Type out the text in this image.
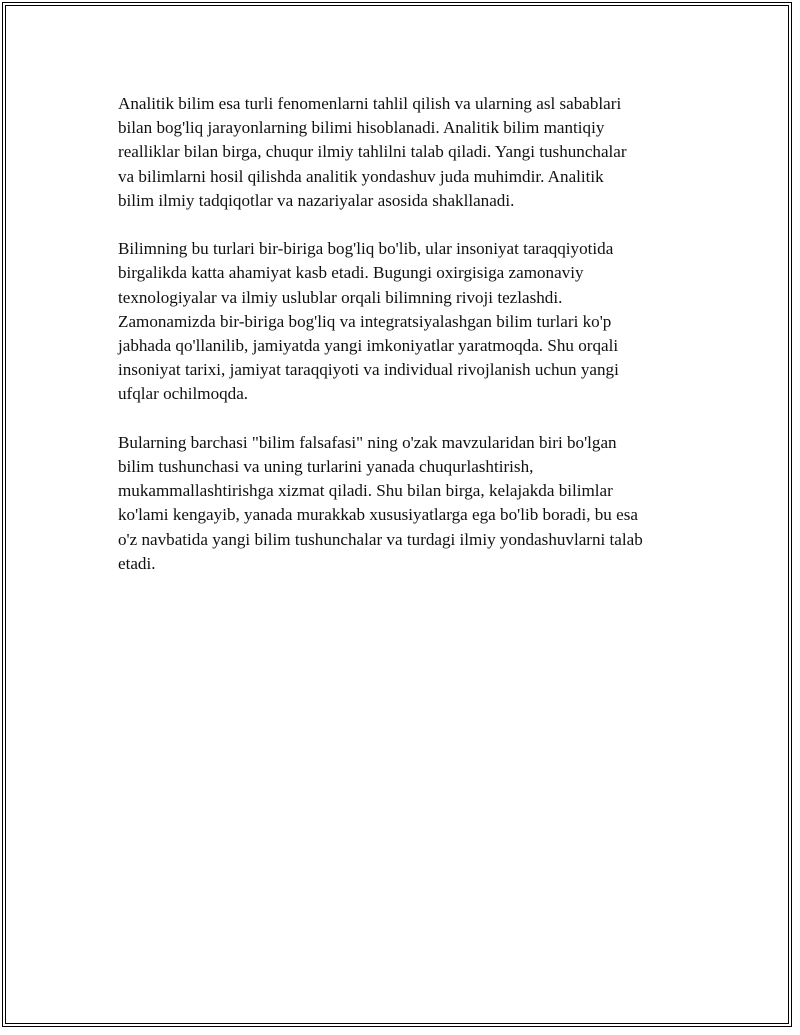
Analitik bilim esa turli fenomenlarni tahlil qilish va ularning asl sabablari
bilan bog'liq jarayonlarning bilimi hisoblanadi. Analitik bilim mantiqiy
realliklar bilan birga, chuqur ilmiy tahlilni talab qiladi. Yangi tushunchalar
va bilimlarni hosil qilishda analitik yondashuv juda muhimdir. Analitik
bilim ilmiy tadqiqotlar va nazariyalar asosida shakllanadi.

Bilimning bu turlari bir-biriga bog'liq bo'lib, ular insoniyat taraqqiyotida
birgalikda katta ahamiyat kasb etadi. Bugungi oxirgisiga zamonaviy
texnologiyalar va ilmiy uslublar orqali bilimning rivoji tezlashdi.
Zamonamizda bir-biriga bog'liq va integratsiyalashgan bilim turlari ko'p
jabhada qo'llanilib, jamiyatda yangi imkoniyatlar yaratmoqda. Shu orqali
insoniyat tarixi, jamiyat taraqqiyoti va individual rivojlanish uchun yangi
ufqlar ochilmoqda.

Bularning barchasi "bilim falsafasi" ning o'zak mavzularidan biri bo'lgan
bilim tushunchasi va uning turlarini yanada chuqurlashtirish,
mukammallashtirishga xizmat qiladi. Shu bilan birga, kelajakda bilimlar
ko'lami kengayib, yanada murakkab xususiyatlarga ega bo'lib boradi, bu esa
o'z navbatida yangi bilim tushunchalar va turdagi ilmiy yondashuvlarni talab
etadi.
